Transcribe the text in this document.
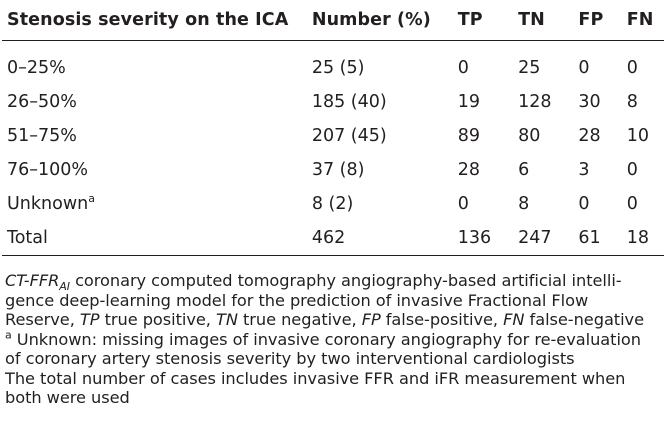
Stenosis severity on the ICA	Number (%)	TP	TN	FP	FN
0–25%	25 (5)	0	25	0	0
26–50%	185 (40)	19	128	30	8
51–75%	207 (45)	89	80	28	10
76–100%	37 (8)	28	6	3	0
Unknown$^a$	8 (2)	0	8	0	0
Total	462	136	247	61	18

$CT-FFR_{AI}$ coronary computed tomography angiography-based artificial intelli-gence deep-learning model for the prediction of invasive Fractional Flow Reserve, TP true positive, TN true negative, FP false-positive, FN false-negative

$^a$ Unknown: missing images of invasive coronary angiography for re-evaluation of coronary artery stenosis severity by two interventional cardiologists

The total number of cases includes invasive FFR and iFR measurement when both were used
